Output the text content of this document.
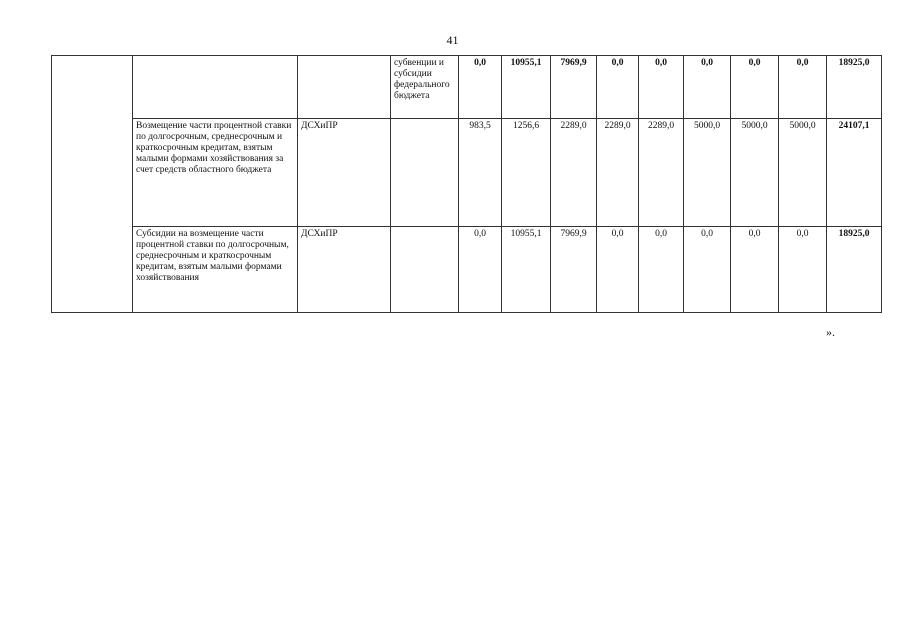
41
			субвенции и субсидии федерального бюджета	0,0	10955,1	7969,9	0,0	0,0	0,0	0,0	0,0	18925,0
	Возмещение части процентной ставки по долгосрочным, среднесрочным и краткосрочным кредитам, взятым малыми формами хозяйствования за счет средств областного бюджета	ДСХиПР		983,5	1256,6	2289,0	2289,0	2289,0	5000,0	5000,0	5000,0	24107,1
	Субсидии на возмещение части процентной ставки по долгосрочным, среднесрочным и краткосрочным кредитам, взятым малыми формами хозяйствования	ДСХиПР		0,0	10955,1	7969,9	0,0	0,0	0,0	0,0	0,0	18925,0
».
